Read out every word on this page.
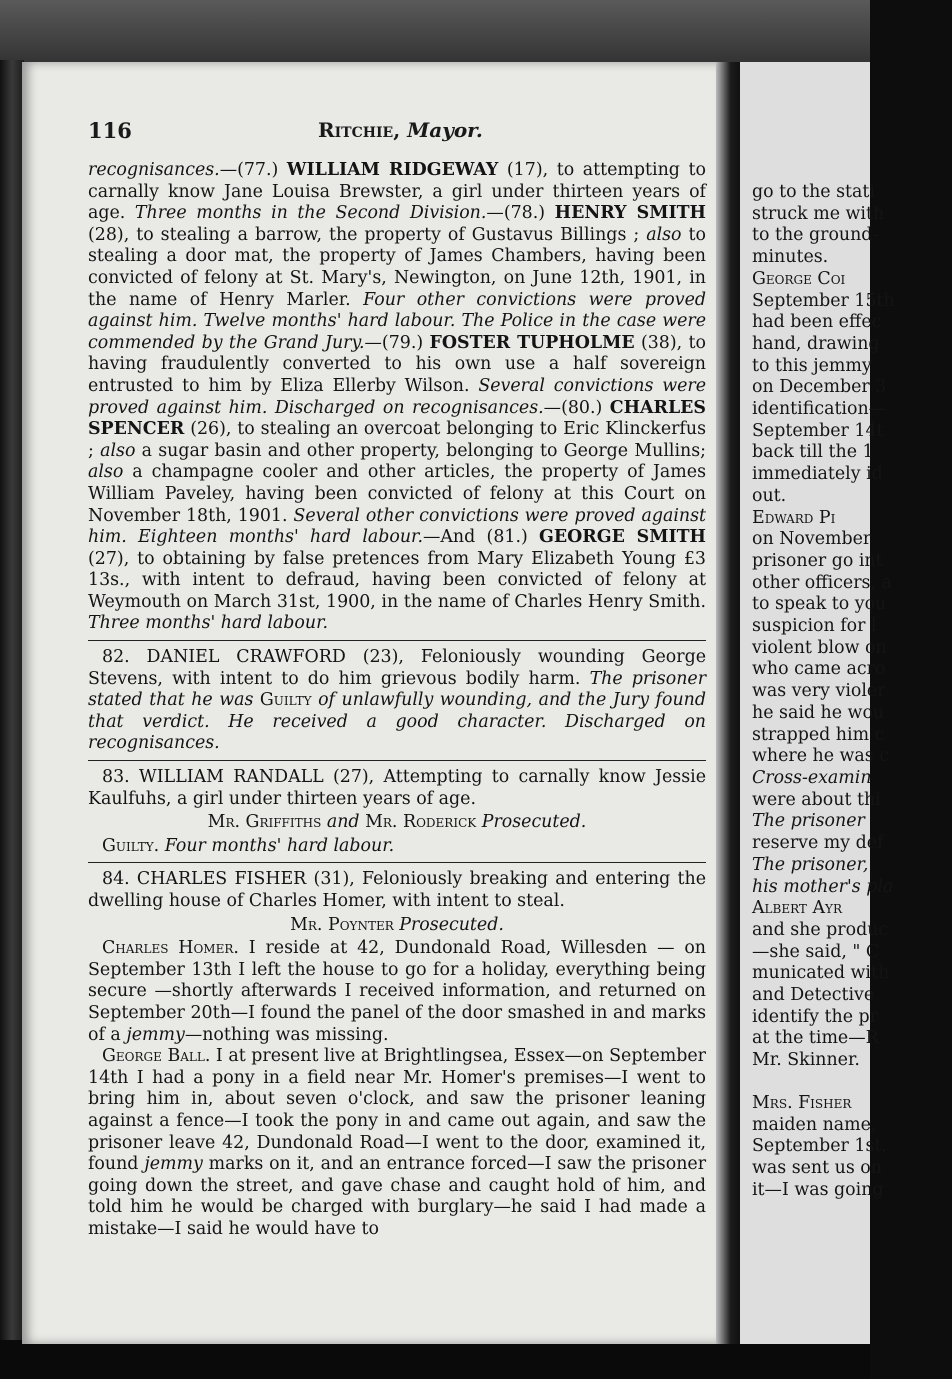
116	Ritchie, Mayor.

recognisances.—(77.) WILLIAM RIDGEWAY (17), to attempting to carnally know Jane Louisa Brewster, a girl under thirteen years of age. Three months in the Second Division.—(78.) HENRY SMITH (28), to stealing a barrow, the property of Gustavus Billings ; also to stealing a door mat, the property of James Chambers, having been convicted of felony at St. Mary's, Newington, on June 12th, 1901, in the name of Henry Marler. Four other convictions were proved against him. Twelve months' hard labour. The Police in the case were commended by the Grand Jury.—(79.) FOSTER TUPHOLME (38), to having fraudulently converted to his own use a half sovereign entrusted to him by Eliza Ellerby Wilson. Several convictions were proved against him. Discharged on recognisances.—(80.) CHARLES SPENCER (26), to stealing an overcoat belonging to Eric Klinckerfus ; also a sugar basin and other property, belonging to George Mullins; also a champagne cooler and other articles, the property of James William Paveley, having been convicted of felony at this Court on November 18th, 1901. Several other convictions were proved against him. Eighteen months' hard labour.—And (81.) GEORGE SMITH (27), to obtaining by false pretences from Mary Elizabeth Young £3 13s., with intent to defraud, having been convicted of felony at Weymouth on March 31st, 1900, in the name of Charles Henry Smith. Three months' hard labour.

82. DANIEL CRAWFORD (23), Feloniously wounding George Stevens, with intent to do him grievous bodily harm. The prisoner stated that he was Guilty of unlawfully wounding, and the Jury found that verdict. He received a good character. Discharged on recognisances.

83. WILLIAM RANDALL (27), Attempting to carnally know Jessie Kaulfuhs, a girl under thirteen years of age.

Mr. Griffiths and Mr. Roderick Prosecuted.

Guilty. Four months' hard labour.

84. CHARLES FISHER (31), Feloniously breaking and entering the dwelling house of Charles Homer, with intent to steal.

Mr. Poynter Prosecuted.

Charles Homer. I reside at 42, Dundonald Road, Willesden — on September 13th I left the house to go for a holiday, everything being secure —shortly afterwards I received information, and returned on September 20th—I found the panel of the door smashed in and marks of a jemmy—nothing was missing.

George Ball. I at present live at Brightlingsea, Essex—on September 14th I had a pony in a field near Mr. Homer's premises—I went to bring him in, about seven o'clock, and saw the prisoner leaning against a fence—I took the pony in and came out again, and saw the prisoner leave 42, Dundonald Road—I went to the door, examined it, found jemmy marks on it, and an entrance forced—I saw the prisoner going down the street, and gave chase and caught hold of him, and told him he would be charged with burglary—he said I had made a mistake—I said he would have to

go to the stati
struck me with
to the ground-
minutes.
George Coi
September 15th
had been effec
hand, drawing
to this jemmy
on December 3
identification—
September 14t
back till the 1
immediately id
out.
Edward Pi
on November
prisoner go int
other officers, a
to speak to you
suspicion for l
violent blow on
who came acro
was very violer
he said he wou
strapped him c
where he was c
Cross-examin
were about thi
The prisoner
reserve my def
The prisoner,
his mother's pla
Albert Ayr
and she produc
—she said, " C
municated with
and Detective
identify the pr
at the time—R
Mr. Skinner.
Mrs. Fisher
maiden name,
September 1st,
was sent us on
it—I was going
